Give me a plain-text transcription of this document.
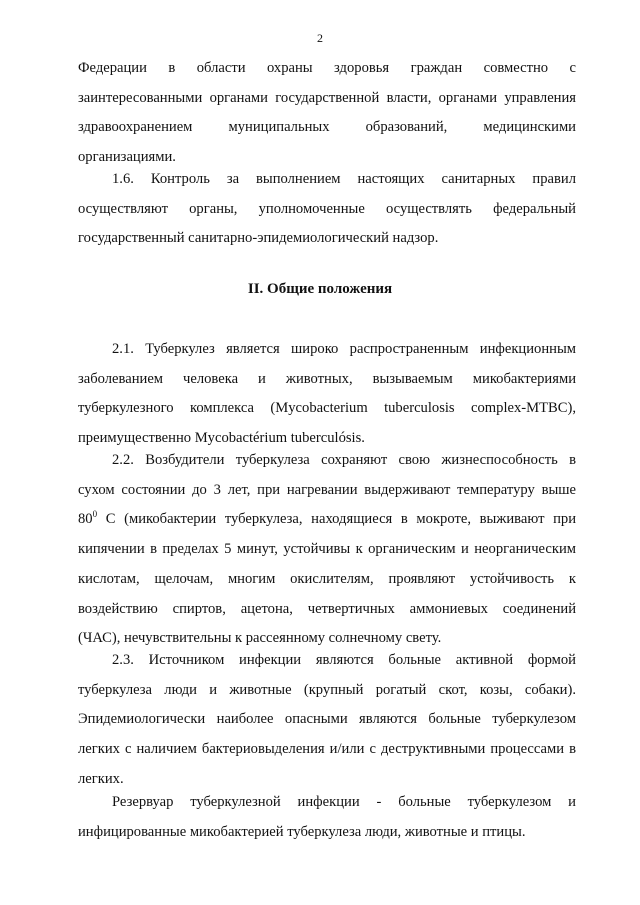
2
Федерации в области охраны здоровья граждан совместно с
заинтересованными органами государственной власти, органами управления
здравоохранением муниципальных образований, медицинскими
организациями.
1.6. Контроль за выполнением настоящих санитарных правил
осуществляют органы, уполномоченные осуществлять федеральный
государственный санитарно-эпидемиологический надзор.
II. Общие положения
2.1. Туберкулез является широко распространенным инфекционным
заболеванием человека и животных, вызываемым микобактериями
туберкулезного комплекса (Mycobacterium tuberculosis complex-MTBC),
преимущественно Mycobactérium tuberculósis.
2.2. Возбудители туберкулеза сохраняют свою жизнеспособность в
сухом состоянии до 3 лет, при нагревании выдерживают температуру выше
$80^0$ С (микобактерии туберкулеза, находящиеся в мокроте, выживают при
кипячении в пределах 5 минут, устойчивы к органическим и неорганическим
кислотам, щелочам, многим окислителям, проявляют устойчивость к
воздействию спиртов, ацетона, четвертичных аммониевых соединений
(ЧАС), нечувствительны к рассеянному солнечному свету.
2.3. Источником инфекции являются больные активной формой
туберкулеза люди и животные (крупный рогатый скот, козы, собаки).
Эпидемиологически наиболее опасными являются больные туберкулезом
легких с наличием бактериовыделения и/или с деструктивными процессами в
легких.
Резервуар туберкулезной инфекции - больные туберкулезом и
инфицированные микобактерией туберкулеза люди, животные и птицы.
